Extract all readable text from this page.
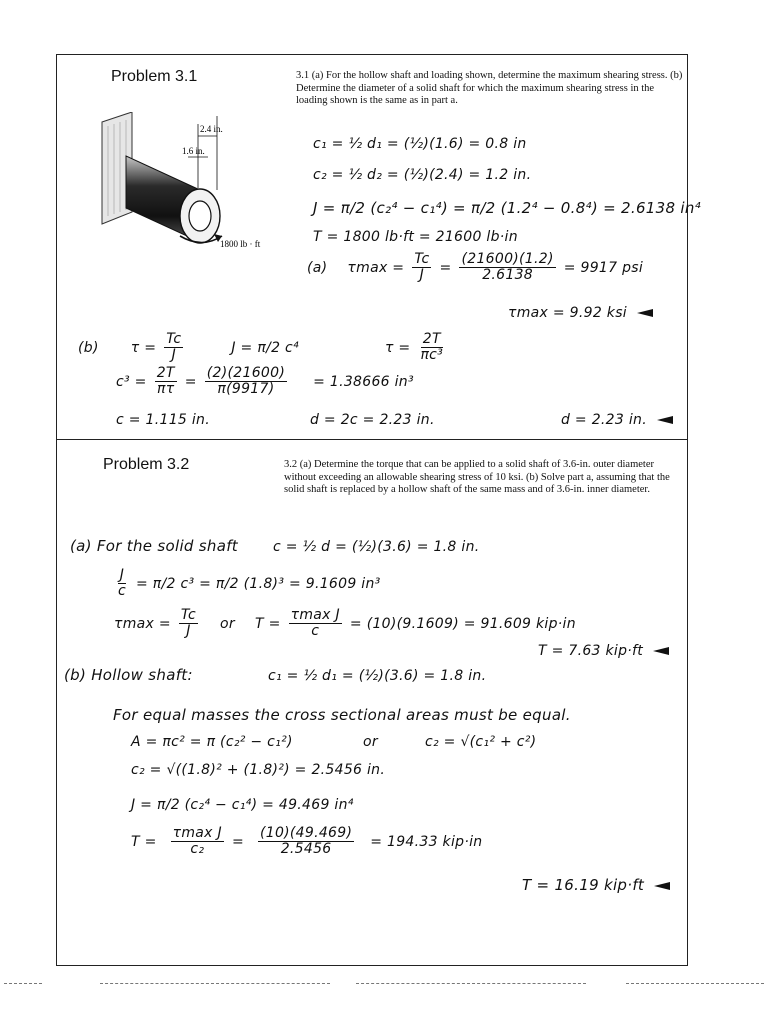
Problem 3.1	3.1 (a) For the hollow shaft and loading shown, determine the maximum shearing stress. (b) Determine the diameter of a solid shaft for which the maximum shearing stress in the loading shown is the same as in part a.
2.4 in.
1.6 in.
1800 lb · ft
c₁ = ½ d₁ = (½)(1.6) = 0.8 in
c₂ = ½ d₂ = (½)(2.4) = 1.2 in.
J = π/2 (c₂⁴ − c₁⁴) = π/2 (1.2⁴ − 0.8⁴) = 2.6138 in⁴
T = 1800 lb·ft = 21600 lb·in
(a) $\tau\max = \frac{Tc}{J} = \frac{(21600)(1.2)}{2.6138} = 9917$ psi
τmax = 9.92 ksi
(b) $\tau = \frac{Tc}{J}$	J = π/2 c⁴	$\tau = \frac{2T}{\text{πc³}}$
$c^3 = \frac{2T}{\pi\tau} = \frac{(2)(21600)}{\pi(9917)} = 1.38666$ in³
c = 1.115 in.	d = 2c = 2.23 in.	d = 2.23 in.
Problem 3.2	3.2 (a) Determine the torque that can be applied to a solid shaft of 3.6-in. outer diameter without exceeding an allowable shearing stress of 10 ksi. (b) Solve part a, assuming that the solid shaft is replaced by a hollow shaft of the same mass and of 3.6-in. inner diameter.
(a) For the solid shaft	c = ½ d = (½)(3.6) = 1.8 in.
$\frac{J}{c} = \pi/2$ c³ = π/2 (1.8)³ = 9.1609 in³
$\tau\max = \frac{Tc}{J}$ or $T = \frac{\text{τmax J}}{c} = (10)(9.1609) = 91.609$ kip·in
T = 7.63 kip·ft
(b) Hollow shaft:	c₁ = ½ d₁ = (½)(3.6) = 1.8 in.
For equal masses the cross sectional areas must be equal.
A = πc² = π (c₂² − c₁²)	or	c₂ = √(c₁² + c²)
c₂ = √((1.8)² + (1.8)²) = 2.5456 in.
J = π/2 (c₂⁴ − c₁⁴) = 49.469 in⁴
$T = \frac{\text{τmax J}}{\text{c₂}} = \frac{(10)(49.469)}{2.5456} = 194.33$ kip·in
T = 16.19 kip·ft
